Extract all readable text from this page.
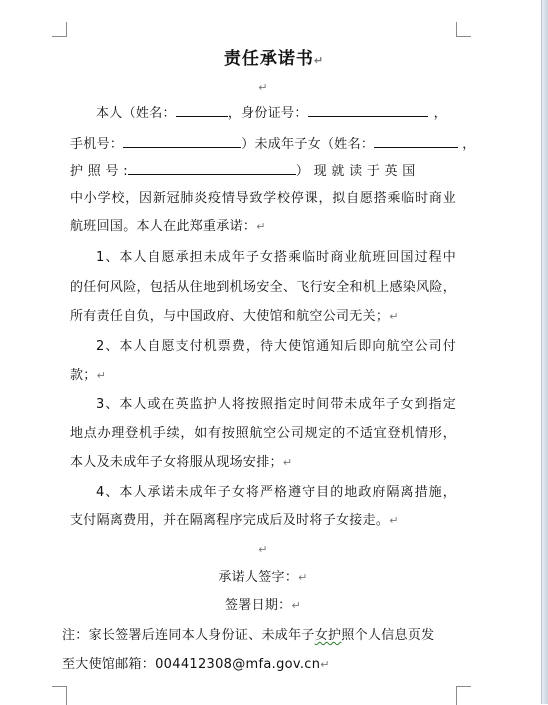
责任承诺书↵
↵
本人（姓名：	，身份证号：	，
手机号：	）未成年子女（姓名：	，
护 照 号 :	） 现 就 读 于 英 国
中小学校，因新冠肺炎疫情导致学校停课，拟自愿搭乘临时商业
航班回国。本人在此郑重承诺：↵
1、本人自愿承担未成年子女搭乘临时商业航班回国过程中
的任何风险，包括从住地到机场安全、飞行安全和机上感染风险，
所有责任自负，与中国政府、大使馆和航空公司无关；↵
2、本人自愿支付机票费，待大使馆通知后即向航空公司付
款；↵
3、本人或在英监护人将按照指定时间带未成年子女到指定
地点办理登机手续，如有按照航空公司规定的不适宜登机情形，
本人及未成年子女将服从现场安排；↵
4、本人承诺未成年子女将严格遵守目的地政府隔离措施，
支付隔离费用，并在隔离程序完成后及时将子女接走。↵
↵
承诺人签字：↵
签署日期：↵
注：家长签署后连同本人身份证、未成年子女护照个人信息页发
至大使馆邮箱：004412308@mfa.gov.cn↵
